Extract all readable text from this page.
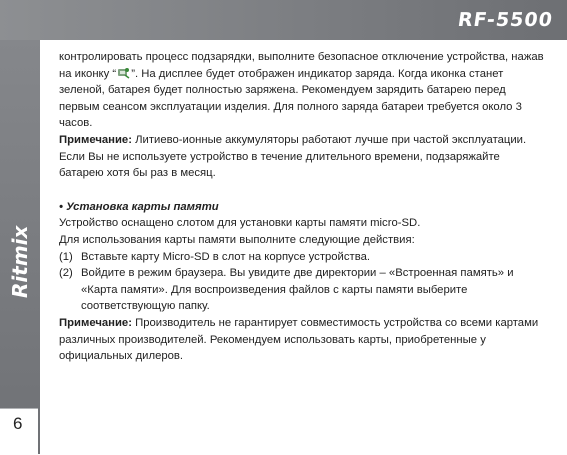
RF-5500
Ritmix
6

контролировать процесс подзарядки, выполните безопасное отключение устройства, нажав на иконку “ ”. На дисплее будет отображен индикатор заряда. Когда иконка станет зеленой, батарея будет полностью заряжена. Рекомендуем зарядить батарею перед первым сеансом эксплуатации изделия. Для полного заряда батареи требуется около 3 часов.

Примечание: Литиево-ионные аккумуляторы работают лучше при частой эксплуатации. Если Вы не используете устройство в течение длительного времени, подзаряжайте батарею хотя бы раз в месяц.

• Установка карты памяти

Устройство оснащено слотом для установки карты памяти micro-SD.

Для использования карты памяти выполните следующие действия:

(1) Вставьте карту Micro-SD в слот на корпусе устройства.

(2) Войдите в режим браузера. Вы увидите две директории – «Встроенная память» и «Карта памяти». Для воспроизведения файлов с карты памяти выберите соответствующую папку.

Примечание: Производитель не гарантирует совместимость устройства со всеми картами различных производителей. Рекомендуем использовать карты, приобретенные у официальных дилеров.
